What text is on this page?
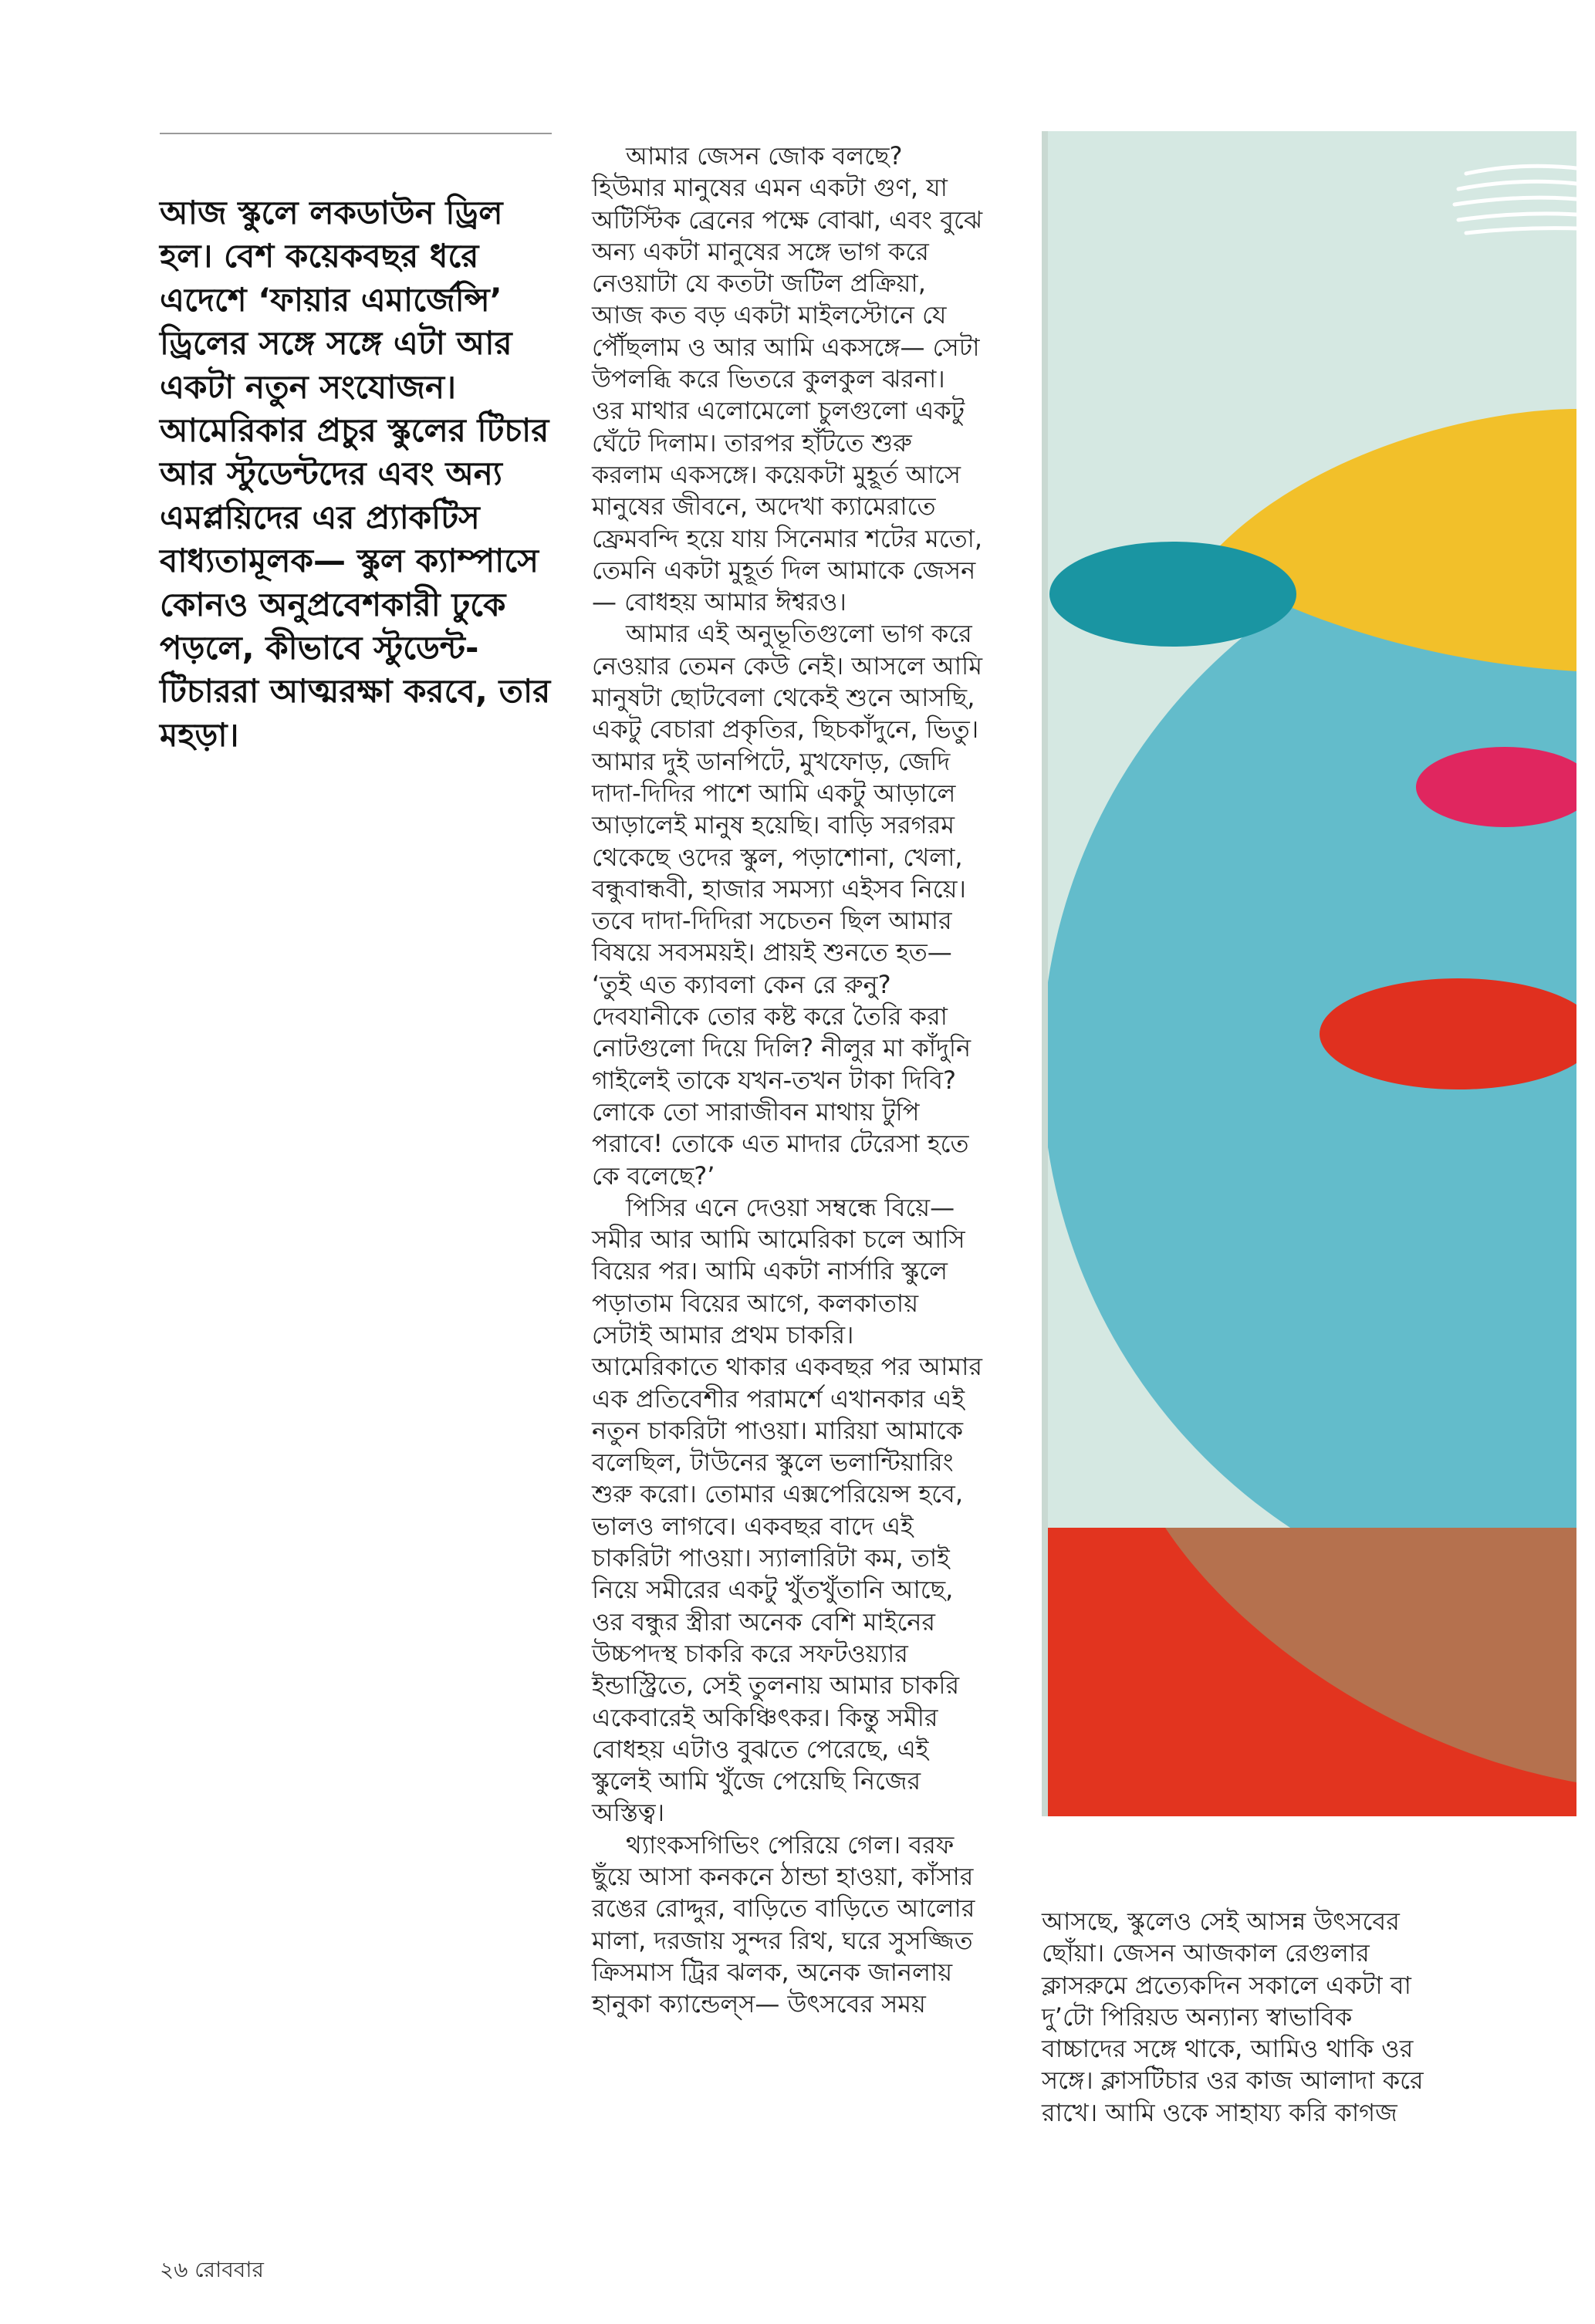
আজ স্কুলে লকডাউন ড্রিল হল। বেশ কয়েকবছর ধরে এদেশে ‘ফায়ার এমার্জেন্সি’ ড্রিলের সঙ্গে সঙ্গে এটা আর একটা নতুন সংযোজন। আমেরিকার প্রচুর স্কুলের টিচার আর স্টুডেন্টদের এবং অন্য এমপ্লয়িদের এর প্র্যাকটিস বাধ্যতামূলক— স্কুল ক্যাম্পাসে কোনও অনুপ্রবেশকারী ঢুকে পড়লে, কীভাবে স্টুডেন্ট-টিচাররা আত্মরক্ষা করবে, তার মহড়া।

আমার জেসন জোক বলছে? হিউমার মানুষের এমন একটা গুণ, যা অটিস্টিক ব্রেনের পক্ষে বোঝা, এবং বুঝে অন্য একটা মানুষের সঙ্গে ভাগ করে নেওয়াটা যে কতটা জটিল প্রক্রিয়া, আজ কত বড় একটা মাইলস্টোনে যে পৌঁছলাম ও আর আমি একসঙ্গে— সেটা উপলব্ধি করে ভিতরে কুলকুল ঝরনা। ওর মাথার এলোমেলো চুলগুলো একটু ঘেঁটে দিলাম। তারপর হাঁটতে শুরু করলাম একসঙ্গে। কয়েকটা মুহূর্ত আসে মানুষের জীবনে, অদেখা ক্যামেরাতে ফ্রেমবন্দি হয়ে যায় সিনেমার শটের মতো, তেমনি একটা মুহূর্ত দিল আমাকে জেসন— বোধহয় আমার ঈশ্বরও।

আমার এই অনুভূতিগুলো ভাগ করে নেওয়ার তেমন কেউ নেই। আসলে আমি মানুষটা ছোটবেলা থেকেই শুনে আসছি, একটু বেচারা প্রকৃতির, ছিচকাঁদুনে, ভিতু। আমার দুই ডানপিটে, মুখফোড়, জেদি দাদা-দিদির পাশে আমি একটু আড়ালে আড়ালেই মানুষ হয়েছি। বাড়ি সরগরম থেকেছে ওদের স্কুল, পড়াশোনা, খেলা, বন্ধুবান্ধবী, হাজার সমস্যা এইসব নিয়ে। তবে দাদা-দিদিরা সচেতন ছিল আমার বিষয়ে সবসময়ই। প্রায়ই শুনতে হত— ‘তুই এত ক্যাবলা কেন রে রুনু? দেবযানীকে তোর কষ্ট করে তৈরি করা নোটগুলো দিয়ে দিলি? নীলুর মা কাঁদুনি গাইলেই তাকে যখন-তখন টাকা দিবি? লোকে তো সারাজীবন মাথায় টুপি পরাবে! তোকে এত মাদার টেরেসা হতে কে বলেছে?’

পিসির এনে দেওয়া সম্বন্ধে বিয়ে— সমীর আর আমি আমেরিকা চলে আসি বিয়ের পর। আমি একটা নার্সারি স্কুলে পড়াতাম বিয়ের আগে, কলকাতায় সেটাই আমার প্রথম চাকরি। আমেরিকাতে থাকার একবছর পর আমার এক প্রতিবেশীর পরামর্শে এখানকার এই নতুন চাকরিটা পাওয়া। মারিয়া আমাকে বলেছিল, টাউনের স্কুলে ভলান্টিয়ারিং শুরু করো। তোমার এক্সপেরিয়েন্স হবে, ভালও লাগবে। একবছর বাদে এই চাকরিটা পাওয়া। স্যালারিটা কম, তাই নিয়ে সমীরের একটু খুঁতখুঁতানি আছে, ওর বন্ধুর স্ত্রীরা অনেক বেশি মাইনের উচ্চপদস্থ চাকরি করে সফটওয়্যার ইন্ডাস্ট্রিতে, সেই তুলনায় আমার চাকরি একেবারেই অকিঞ্চিৎকর। কিন্তু সমীর বোধহয় এটাও বুঝতে পেরেছে, এই স্কুলেই আমি খুঁজে পেয়েছি নিজের অস্তিত্ব।

থ্যাংকসগিভিং পেরিয়ে গেল। বরফ ছুঁয়ে আসা কনকনে ঠান্ডা হাওয়া, কাঁসার রঙের রোদ্দুর, বাড়িতে বাড়িতে আলোর মালা, দরজায় সুন্দর রিথ, ঘরে সুসজ্জিত ক্রিসমাস ট্রির ঝলক, অনেক জানলায় হানুকা ক্যান্ডেল্‌স— উৎসবের সময়

আসছে, স্কুলেও সেই আসন্ন উৎসবের ছোঁয়া। জেসন আজকাল রেগুলার ক্লাসরুমে প্রত্যেকদিন সকালে একটা বা দু’টো পিরিয়ড অন্যান্য স্বাভাবিক বাচ্চাদের সঙ্গে থাকে, আমিও থাকি ওর সঙ্গে। ক্লাসটিচার ওর কাজ আলাদা করে রাখে। আমি ওকে সাহায্য করি কাগজ

২৬ রোববার
